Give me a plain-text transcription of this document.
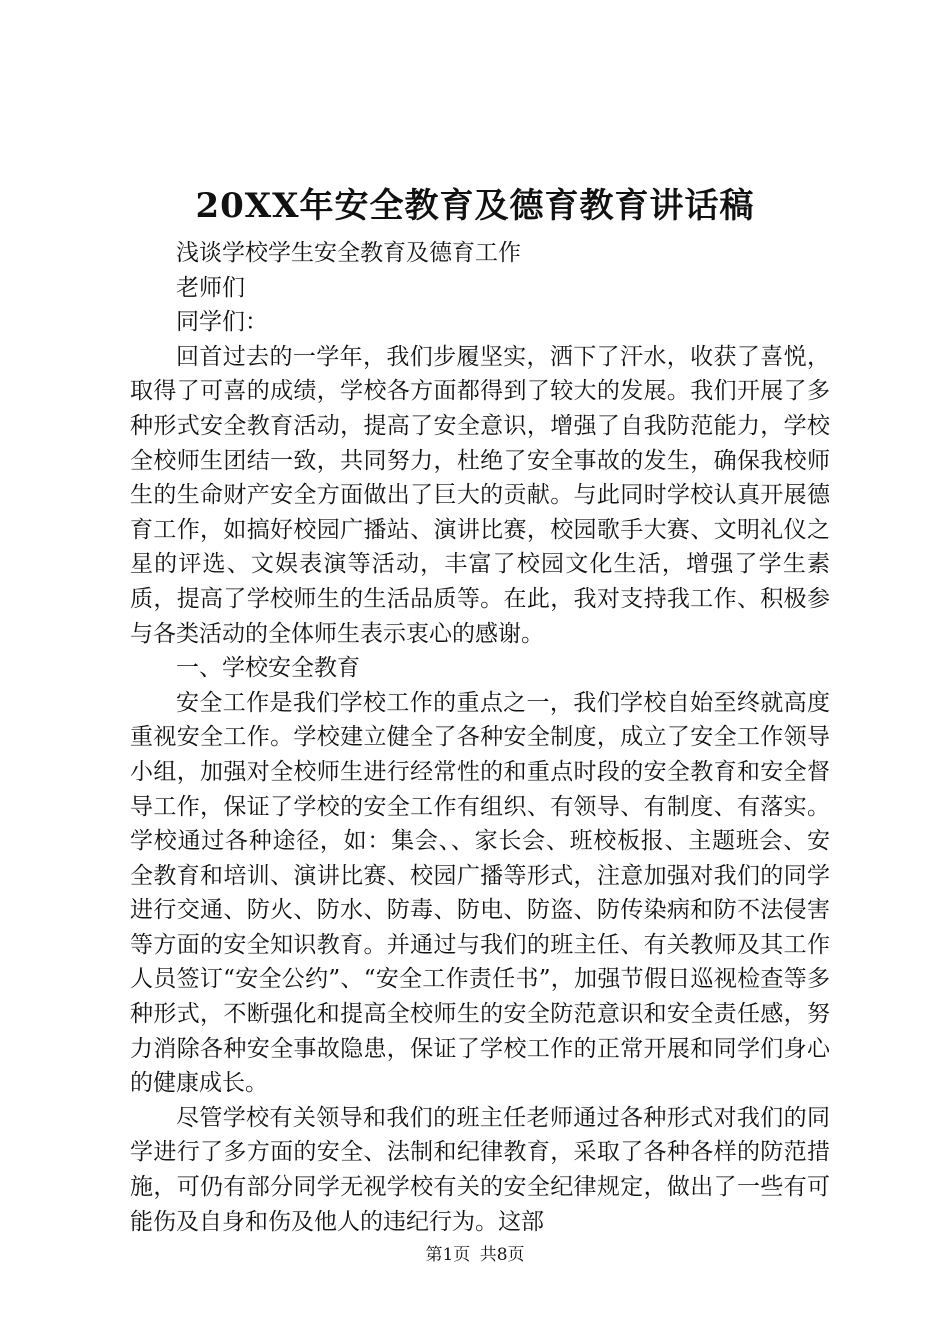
20XX年安全教育及德育教育讲话稿

浅谈学校学生安全教育及德育工作

老师们

同学们：

回首过去的一学年，我们步履坚实，洒下了汗水，收获了喜悦，取得了可喜的成绩，学校各方面都得到了较大的发展。我们开展了多种形式安全教育活动，提高了安全意识，增强了自我防范能力，学校全校师生团结一致，共同努力，杜绝了安全事故的发生，确保我校师生的生命财产安全方面做出了巨大的贡献。与此同时学校认真开展德育工作，如搞好校园广播站、演讲比赛，校园歌手大赛、文明礼仪之星的评选、文娱表演等活动，丰富了校园文化生活，增强了学生素质，提高了学校师生的生活品质等。在此，我对支持我工作、积极参与各类活动的全体师生表示衷心的感谢。

一、学校安全教育

安全工作是我们学校工作的重点之一，我们学校自始至终就高度重视安全工作。学校建立健全了各种安全制度，成立了安全工作领导小组，加强对全校师生进行经常性的和重点时段的安全教育和安全督导工作，保证了学校的安全工作有组织、有领导、有制度、有落实。学校通过各种途径，如：集会、、家长会、班校板报、主题班会、安全教育和培训、演讲比赛、校园广播等形式，注意加强对我们的同学进行交通、防火、防水、防毒、防电、防盗、防传染病和防不法侵害等方面的安全知识教育。并通过与我们的班主任、有关教师及其工作人员签订“安全公约”、“安全工作责任书”，加强节假日巡视检查等多种形式，不断强化和提高全校师生的安全防范意识和安全责任感，努力消除各种安全事故隐患，保证了学校工作的正常开展和同学们身心的健康成长。

尽管学校有关领导和我们的班主任老师通过各种形式对我们的同学进行了多方面的安全、法制和纪律教育，采取了各种各样的防范措施，可仍有部分同学无视学校有关的安全纪律规定，做出了一些有可能伤及自身和伤及他人的违纪行为。这部

第1页 共8页
